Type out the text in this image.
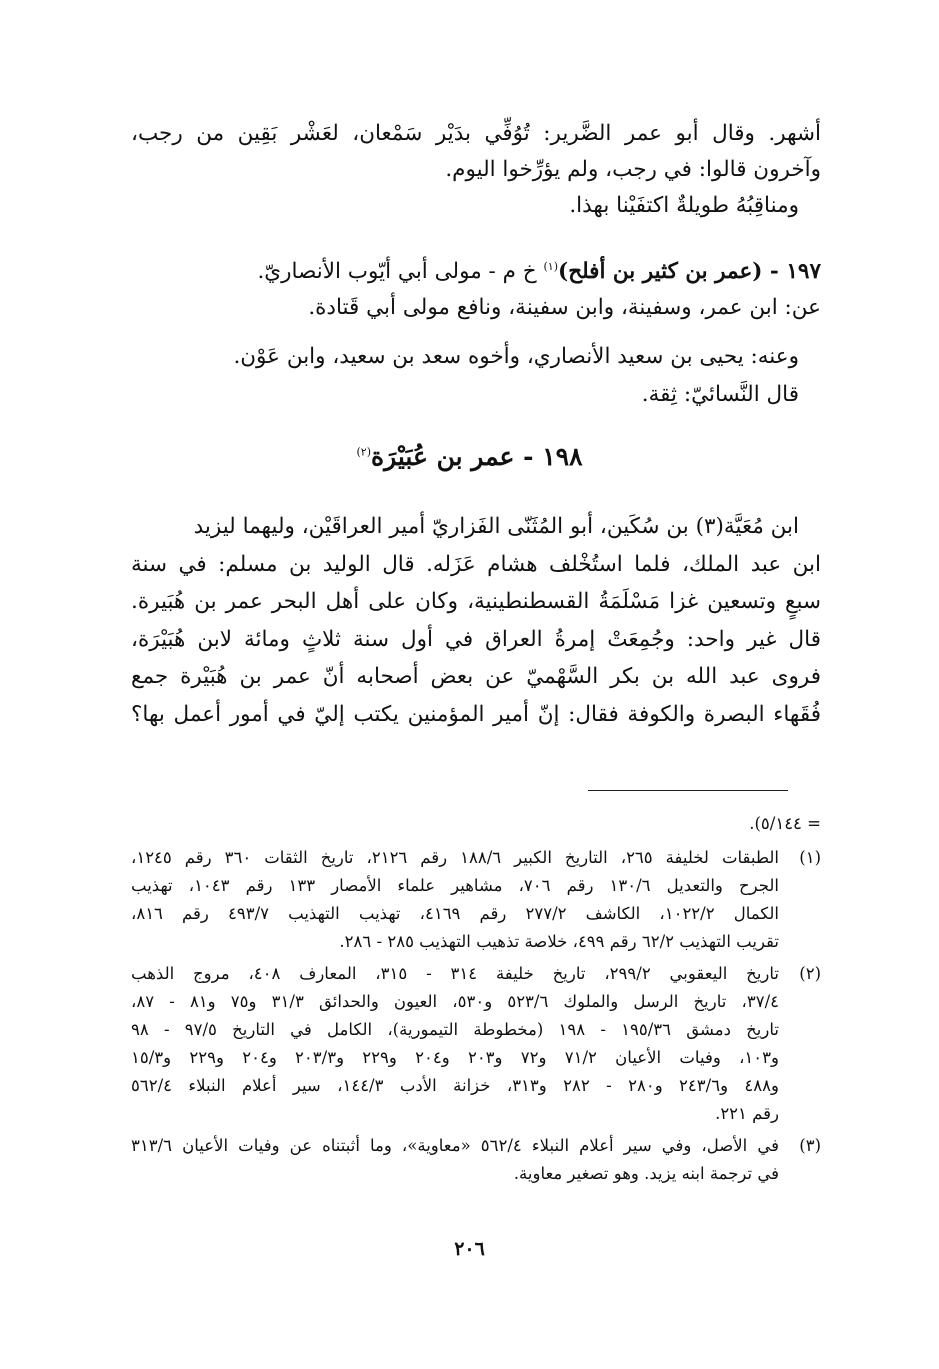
أشهر. وقال أبو عمر الضَّرير: تُوُفِّي بدَيْر سَمْعان، لعَشْر بَقِين من رجب،
وآخرون قالوا: في رجب، ولم يؤرِّخوا اليوم.
ومناقِبُهُ طويلةٌ اكتفَيْنا بهذا.
١٩٧ - (عمر بن كثير بن أفلح)$^{(١)}$ خ م - مولى أبي أيّوب الأنصاريّ.
عن: ابن عمر، وسفينة، وابن سفينة، ونافع مولى أبي قَتادة.
وعنه: يحيى بن سعيد الأنصاري، وأخوه سعد بن سعيد، وابن عَوْن.
قال النَّسائيّ: ثِقة.
١٩٨ - عمر بن عُبَيْرَة$^{(٢)}$
ابن مُعَيَّة(٣) بن سُكَين، أبو المُثَنّى الفَزاريّ أمير العراقَيْن، وليهما ليزيد
ابن عبد الملك، فلما استُخْلف هشام عَزَله. قال الوليد بن مسلم: في سنة
سبعٍ وتسعين غزا مَسْلَمَةُ القسطنطينية، وكان على أهل البحر عمر بن هُبَيرة.
قال غير واحد: وجُمِعَتْ إمرةُ العراق في أول سنة ثلاثٍ ومائة لابن هُبَيْرَة،
فروى عبد الله بن بكر السَّهْميّ عن بعض أصحابه أنّ عمر بن هُبَيْرة جمع
فُقَهاء البصرة والكوفة فقال: إنّ أمير المؤمنين يكتب إليّ في أمور أعمل بها؟
= ٥/١٤٤).
(١)
الطبقات لخليفة ٢٦٥، التاريخ الكبير ١٨٨/٦ رقم ٢١٢٦، تاريخ الثقات ٣٦٠ رقم ١٢٤٥،
الجرح والتعديل ١٣٠/٦ رقم ٧٠٦، مشاهير علماء الأمصار ١٣٣ رقم ١٠٤٣، تهذيب
الكمال ١٠٢٢/٢، الكاشف ٢٧٧/٢ رقم ٤١٦٩، تهذيب التهذيب ٤٩٣/٧ رقم ٨١٦،
تقريب التهذيب ٦٢/٢ رقم ٤٩٩، خلاصة تذهيب التهذيب ٢٨٥ - ٢٨٦.
(٢)
تاريخ اليعقوبي ٢٩٩/٢، تاريخ خليفة ٣١٤ - ٣١٥، المعارف ٤٠٨، مروج الذهب
٣٧/٤، تاريخ الرسل والملوك ٥٢٣/٦ و٥٣٠، العيون والحدائق ٣١/٣ و٧٥ و٨١ - ٨٧،
تاريخ دمشق ١٩٥/٣٦ - ١٩٨ (مخطوطة التيمورية)، الكامل في التاريخ ٩٧/٥ - ٩٨
و١٠٣، وفيات الأعيان ٧١/٢ و٧٢ و٢٠٣ و٢٠٤ و٢٢٩ و٢٠٣/٣ و٢٠٤ و٢٢٩ و١٥/٣
و٤٨٨ و٢٤٣/٦ و٢٨٠ - ٢٨٢ و٣١٣، خزانة الأدب ١٤٤/٣، سير أعلام النبلاء ٥٦٢/٤
رقم ٢٢١.
(٣)
في الأصل، وفي سير أعلام النبلاء ٥٦٢/٤ «معاوية»، وما أثبتناه عن وفيات الأعيان ٣١٣/٦
في ترجمة ابنه يزيد. وهو تصغير معاوية.
٢٠٦
